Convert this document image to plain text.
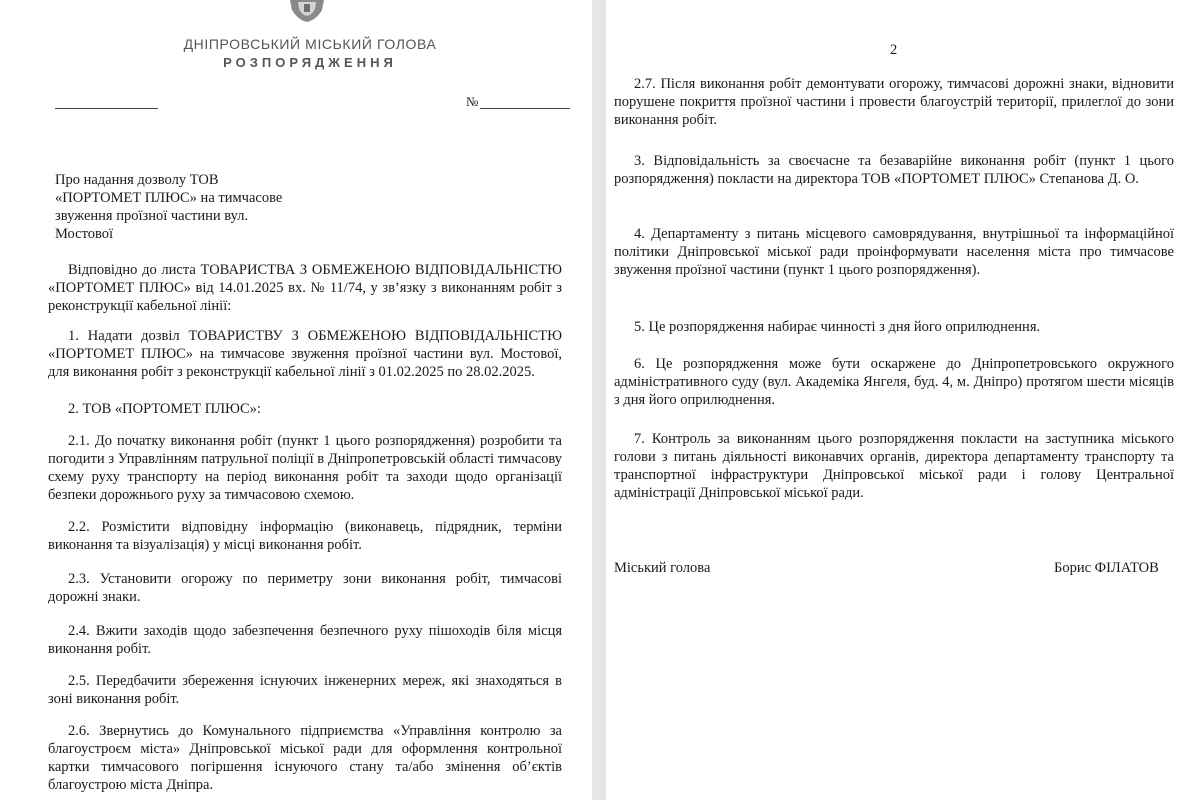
ДНІПРОВСЬКИЙ МІСЬКИЙ ГОЛОВА
РОЗПОРЯДЖЕННЯ
№
Про надання дозволу ТОВ «ПОРТОМЕТ ПЛЮС» на тимчасове звуження проїзної частини вул. Мостової
Відповідно до листа ТОВАРИСТВА З ОБМЕЖЕНОЮ ВІДПОВІДАЛЬНІСТЮ «ПОРТОМЕТ ПЛЮС» від 14.01.2025 вх. № 11/74, у зв’язку з виконанням робіт з реконструкції кабельної лінії:
1. Надати дозвіл ТОВАРИСТВУ З ОБМЕЖЕНОЮ ВІДПОВІДАЛЬНІСТЮ «ПОРТОМЕТ ПЛЮС» на тимчасове звуження проїзної частини вул. Мостової, для виконання робіт з реконструкції кабельної лінії з 01.02.2025 по 28.02.2025.
2. ТОВ «ПОРТОМЕТ ПЛЮС»:
2.1. До початку виконання робіт (пункт 1 цього розпорядження) розробити та погодити з Управлінням патрульної поліції в Дніпропетровській області тимчасову схему руху транспорту на період виконання робіт та заходи щодо організації безпеки дорожнього руху за тимчасовою схемою.
2.2. Розмістити відповідну інформацію (виконавець, підрядник, терміни виконання та візуалізація) у місці виконання робіт.
2.3. Установити огорожу по периметру зони виконання робіт, тимчасові дорожні знаки.
2.4. Вжити заходів щодо забезпечення безпечного руху пішоходів біля місця виконання робіт.
2.5. Передбачити збереження існуючих інженерних мереж, які знаходяться в зоні виконання робіт.
2.6. Звернутись до Комунального підприємства «Управління контролю за благоустроєм міста» Дніпровської міської ради для оформлення контрольної картки тимчасового погіршення існуючого стану та/або змінення об’єктів благоустрою міста Дніпра.
2
2.7. Після виконання робіт демонтувати огорожу, тимчасові дорожні знаки, відновити порушене покриття проїзної частини і провести благоустрій території, прилеглої до зони виконання робіт.
3. Відповідальність за своєчасне та безаварійне виконання робіт (пункт 1 цього розпорядження) покласти на директора ТОВ «ПОРТОМЕТ ПЛЮС» Степанова Д. О.
4. Департаменту з питань місцевого самоврядування, внутрішньої та інформаційної політики Дніпровської міської ради проінформувати населення міста про тимчасове звуження проїзної частини (пункт 1 цього розпорядження).
5. Це розпорядження набирає чинності з дня його оприлюднення.
6. Це розпорядження може бути оскаржене до Дніпропетровського окружного адміністративного суду (вул. Академіка Янгеля, буд. 4, м. Дніпро) протягом шести місяців з дня його оприлюднення.
7. Контроль за виконанням цього розпорядження покласти на заступника міського голови з питань діяльності виконавчих органів, директора департаменту транспорту та транспортної інфраструктури Дніпровської міської ради і голову Центральної адміністрації Дніпровської міської ради.
Міський голова	Борис ФІЛАТОВ
